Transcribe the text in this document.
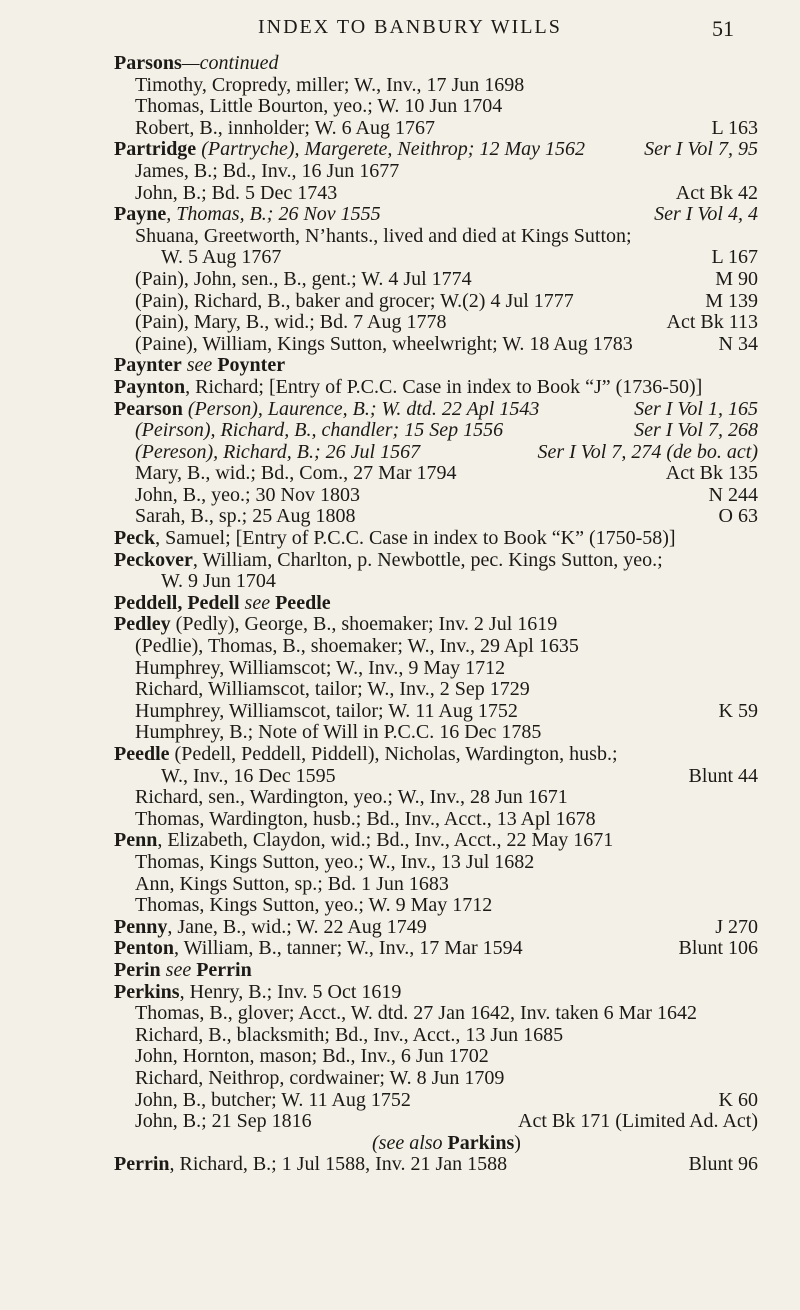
INDEX TO BANBURY WILLS	51
Parsons—continued
Timothy, Cropredy, miller; W., Inv., 17 Jun 1698
Thomas, Little Bourton, yeo.; W. 10 Jun 1704
Robert, B., innholder; W. 6 Aug 1767	L 163
Partridge (Partryche), Margerete, Neithrop; 12 May 1562	Ser I Vol 7, 95
James, B.; Bd., Inv., 16 Jun 1677
John, B.; Bd. 5 Dec 1743	Act Bk 42
Payne, Thomas, B.; 26 Nov 1555	Ser I Vol 4, 4
Shuana, Greetworth, N’hants., lived and died at Kings Sutton;
W. 5 Aug 1767	L 167
(Pain), John, sen., B., gent.; W. 4 Jul 1774	M 90
(Pain), Richard, B., baker and grocer; W.(2) 4 Jul 1777	M 139
(Pain), Mary, B., wid.; Bd. 7 Aug 1778	Act Bk 113
(Paine), William, Kings Sutton, wheelwright; W. 18 Aug 1783	N 34
Paynter see Poynter
Paynton, Richard; [Entry of P.C.C. Case in index to Book “J” (1736-50)]
Pearson (Person), Laurence, B.; W. dtd. 22 Apl 1543	Ser I Vol 1, 165
(Peirson), Richard, B., chandler; 15 Sep 1556	Ser I Vol 7, 268
(Pereson), Richard, B.; 26 Jul 1567	Ser I Vol 7, 274 (de bo. act)
Mary, B., wid.; Bd., Com., 27 Mar 1794	Act Bk 135
John, B., yeo.; 30 Nov 1803	N 244
Sarah, B., sp.; 25 Aug 1808	O 63
Peck, Samuel; [Entry of P.C.C. Case in index to Book “K” (1750-58)]
Peckover, William, Charlton, p. Newbottle, pec. Kings Sutton, yeo.;
W. 9 Jun 1704
Peddell, Pedell see Peedle
Pedley (Pedly), George, B., shoemaker; Inv. 2 Jul 1619
(Pedlie), Thomas, B., shoemaker; W., Inv., 29 Apl 1635
Humphrey, Williamscot; W., Inv., 9 May 1712
Richard, Williamscot, tailor; W., Inv., 2 Sep 1729
Humphrey, Williamscot, tailor; W. 11 Aug 1752	K 59
Humphrey, B.; Note of Will in P.C.C. 16 Dec 1785
Peedle (Pedell, Peddell, Piddell), Nicholas, Wardington, husb.;
W., Inv., 16 Dec 1595	Blunt 44
Richard, sen., Wardington, yeo.; W., Inv., 28 Jun 1671
Thomas, Wardington, husb.; Bd., Inv., Acct., 13 Apl 1678
Penn, Elizabeth, Claydon, wid.; Bd., Inv., Acct., 22 May 1671
Thomas, Kings Sutton, yeo.; W., Inv., 13 Jul 1682
Ann, Kings Sutton, sp.; Bd. 1 Jun 1683
Thomas, Kings Sutton, yeo.; W. 9 May 1712
Penny, Jane, B., wid.; W. 22 Aug 1749	J 270
Penton, William, B., tanner; W., Inv., 17 Mar 1594	Blunt 106
Perin see Perrin
Perkins, Henry, B.; Inv. 5 Oct 1619
Thomas, B., glover; Acct., W. dtd. 27 Jan 1642, Inv. taken 6 Mar 1642
Richard, B., blacksmith; Bd., Inv., Acct., 13 Jun 1685
John, Hornton, mason; Bd., Inv., 6 Jun 1702
Richard, Neithrop, cordwainer; W. 8 Jun 1709
John, B., butcher; W. 11 Aug 1752	K 60
John, B.; 21 Sep 1816	Act Bk 171 (Limited Ad. Act)
(see also Parkins)
Perrin, Richard, B.; 1 Jul 1588, Inv. 21 Jan 1588	Blunt 96
